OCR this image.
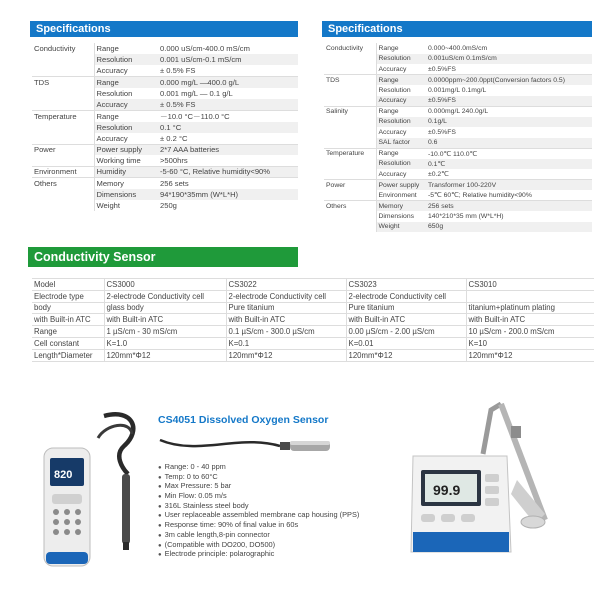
Specifications
Conductivity	Range	0.000 uS/cm-400.0 mS/cm
	Resolution	0.001 uS/cm-0.1 mS/cm
	Accuracy	± 0.5% FS
TDS	Range	0.000 mg/L —400.0 g/L
	Resolution	0.001 mg/L — 0.1 g/L
	Accuracy	± 0.5% FS
Temperature	Range	－10.0 °C－110.0 °C
	Resolution	0.1 °C
	Accuracy	± 0.2 °C
Power	Power supply	2*7 AAA batteries
	Working time	>500hrs
Environment	Humidity	-5-60 °C, Relative humidity<90%
Others	Memory	256 sets
	Dimensions	94*190*35mm (W*L*H)
	Weight	250g
Specifications
Conductivity	Range	0.000~400.0mS/cm
	Resolution	0.001uS/cm 0.1mS/cm
	Accuracy	±0.5%FS
TDS	Range	0.0000ppm~200.0ppt(Conversion factors 0.5)
	Resolution	0.001mg/L 0.1mg/L
	Accuracy	±0.5%FS
Salinity	Range	0.000mg/L 240.0g/L
	Resolution	0.1g/L
	Accuracy	±0.5%FS
	SAL factor	0.6
Temperature	Range	-10.0℃ 110.0℃
	Resolution	0.1℃
	Accuracy	±0.2℃
Power	Power supply	Transformer 100-220V
	Environment	-5℃ 60℃; Relative humidity<90%
Others	Memory	256 sets
	Dimensions	140*210*35 mm (W*L*H)
	Weight	650g
Conductivity Sensor
Model	CS3000	CS3022	CS3023	CS3010
Electrode type	2-electrode Conductivity cell	2-electrode Conductivity cell	2-electrode Conductivity cell	
body	glass body	Pure titanium	Pure titanium	titanium+platinum plating
with Built-in ATC	with Built-in ATC	with Built-in ATC	with Built-in ATC	with Built-in ATC
Range	1 µS/cm - 30 mS/cm	0.1 µS/cm - 300.0 µS/cm	0.00 µS/cm - 2.00 µS/cm	10 µS/cm - 200.0 mS/cm
Cell constant	K=1.0	K=0.1	K=0.01	K=10
Length*Diameter	120mm*Φ12	120mm*Φ12	120mm*Φ12	120mm*Φ12
820
CS4051 Dissolved Oxygen Sensor
● Range: 0 - 40 ppm
● Temp: 0 to 60°C
● Max Pressure: 5 bar
● Min Flow: 0.05 m/s
● 316L Stainless steel body
● User replaceable assembled membrane cap housing (PPS)
● Response time: 90% of final value in 60s
● 3m cable length,8-pin connector
● (Compatible with DO200, DO500)
● Electrode principle: polarographic
99.9
